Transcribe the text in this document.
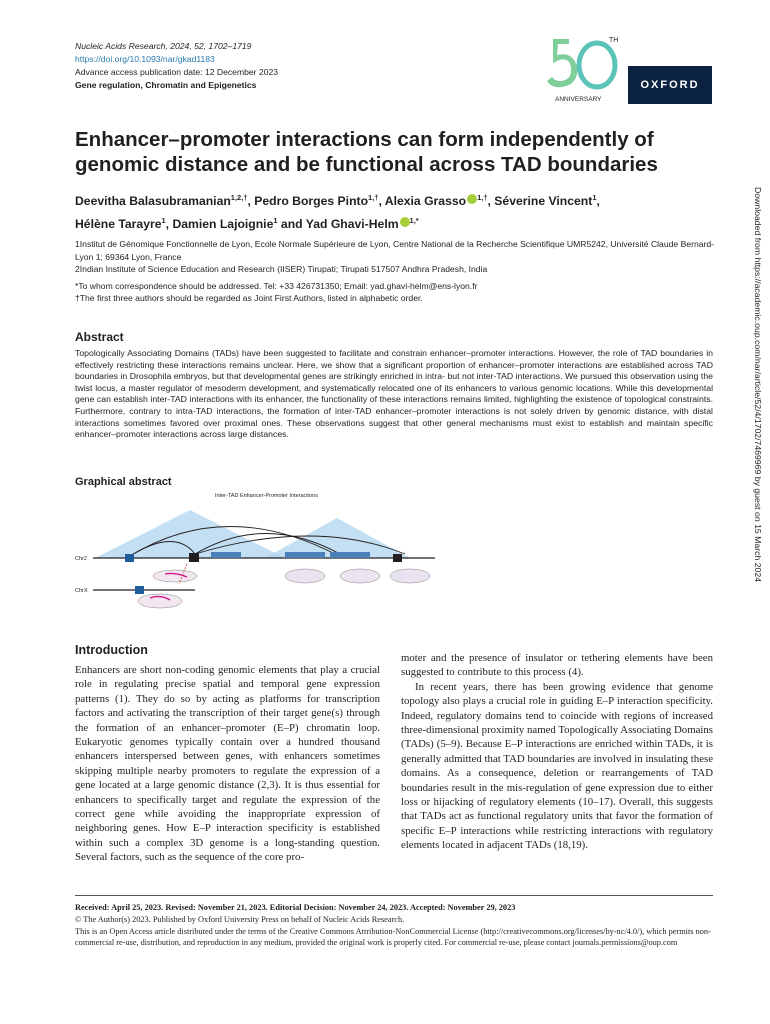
Nucleic Acids Research, 2024, 52, 1702–1719
https://doi.org/10.1093/nar/gkad1183
Advance access publication date: 12 December 2023
Gene regulation, Chromatin and Epigenetics
TH
ANNIVERSARY
OXFORD
Enhancer–promoter interactions can form independently of genomic distance and be functional across TAD boundaries
Deevitha Balasubramanian$^{1,2,\dagger}$, Pedro Borges Pinto$^{1,\dagger}$, Alexia Grasso $^{1,\dagger}$, Séverine Vincent$^1$,
Hélène Tarayre$^1$, Damien Lajoignie$^1$ and Yad Ghavi-Helm $^{1,*}$

1Institut de Génomique Fonctionnelle de Lyon, Ecole Normale Supérieure de Lyon, Centre National de la Recherche Scientifique UMR5242, Université Claude Bernard-Lyon 1; 69364 Lyon, France

2Indian Institute of Science Education and Research (IISER) Tirupati; Tirupati 517507 Andhra Pradesh, India

*To whom correspondence should be addressed. Tel: +33 426731350; Email: yad.ghavi-helm@ens-lyon.fr

†The first three authors should be regarded as Joint First Authors, listed in alphabetic order.	Downloaded from https://academic.oup.com/nar/article/52/4/1702/7469969 by guest on 15 March 2024
Abstract
Topologically Associating Domains (TADs) have been suggested to facilitate and constrain enhancer–promoter interactions. However, the role of TAD boundaries in effectively restricting these interactions remains unclear. Here, we show that a significant proportion of enhancer–promoter interactions are established across TAD boundaries in Drosophila embryos, but that developmental genes are strikingly enriched in intra- but not inter-TAD interactions. We pursued this observation using the twist locus, a master regulator of mesoderm development, and systematically relocated one of its enhancers to various genomic locations. While this developmental gene can establish inter-TAD interactions with its enhancer, the functionality of these interactions remains limited, highlighting the existence of topological constraints. Furthermore, contrary to intra-TAD interactions, the formation of inter-TAD enhancer–promoter interactions is not solely driven by genomic distance, with distal interactions sometimes favored over proximal ones. These observations suggest that other general mechanisms must exist to establish and maintain specific enhancer–promoter interactions across large distances.
Graphical abstract
Inter-TAD Enhancer-Promoter Interactions
Chr2
ChrX
Introduction

Enhancers are short non-coding genomic elements that play a crucial role in regulating precise spatial and temporal gene expression patterns (1). They do so by acting as platforms for transcription factors and activating the transcription of their target gene(s) through the formation of an enhancer–promoter (E–P) chromatin loop. Eukaryotic genomes typically contain over a hundred thousand enhancers interspersed between genes, with enhancers sometimes skipping multiple nearby promoters to regulate the expression of a gene located at a large genomic distance (2,3). It is thus essential for enhancers to specifically target and regulate the expression of the correct gene while avoiding the inappropriate expression of neighboring genes. How E–P interaction specificity is established within such a complex 3D genome is a long-standing question. Several factors, such as the sequence of the core pro-

moter and the presence of insulator or tethering elements have been suggested to contribute to this process (4).

In recent years, there has been growing evidence that genome topology also plays a crucial role in guiding E–P interaction specificity. Indeed, regulatory domains tend to coincide with regions of increased three-dimensional proximity named Topologically Associating Domains (TADs) (5–9). Because E–P interactions are enriched within TADs, it is generally admitted that TAD boundaries are involved in insulating these domains. As a consequence, deletion or rearrangements of TAD boundaries result in the mis-regulation of gene expression due to either loss or hijacking of regulatory elements (10–17). Overall, this suggests that TADs act as functional regulatory units that favor the formation of specific E–P interactions while restricting interactions with regulatory elements located in adjacent TADs (18,19).

Received: April 25, 2023. Revised: November 21, 2023. Editorial Decision: November 24, 2023. Accepted: November 29, 2023

© The Author(s) 2023. Published by Oxford University Press on behalf of Nucleic Acids Research.

This is an Open Access article distributed under the terms of the Creative Commons Attribution-NonCommercial License (http://creativecommons.org/licenses/by-nc/4.0/), which permits non-commercial re-use, distribution, and reproduction in any medium, provided the original work is properly cited. For commercial re-use, please contact journals.permissions@oup.com
